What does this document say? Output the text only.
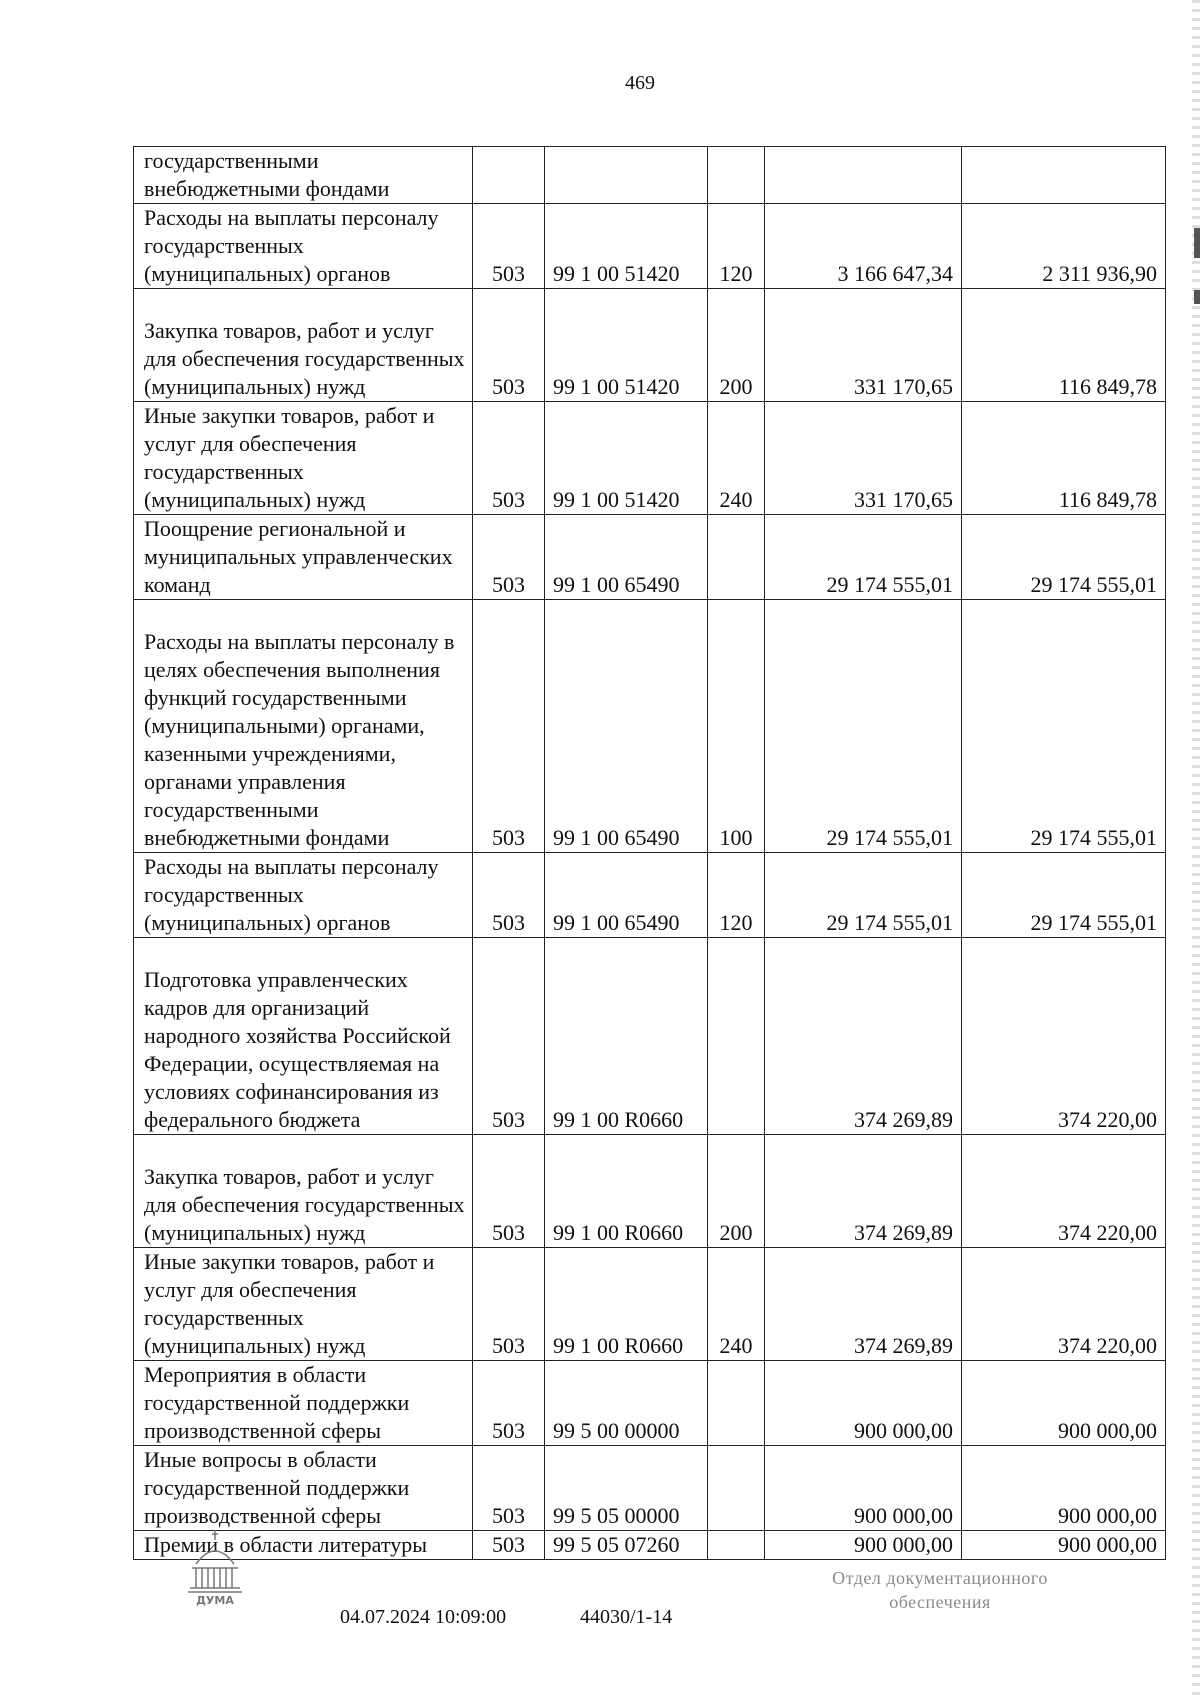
469
государственными внебюджетными фондами					
Расходы на выплаты персоналу государственных (муниципальных) органов	503	99 1 00 51420	120	3 166 647,34	2 311 936,90
Закупка товаров, работ и услуг для обеспечения государственных (муниципальных) нужд	503	99 1 00 51420	200	331 170,65	116 849,78
Иные закупки товаров, работ и услуг для обеспечения государственных (муниципальных) нужд	503	99 1 00 51420	240	331 170,65	116 849,78
Поощрение региональной и муниципальных управленческих команд	503	99 1 00 65490		29 174 555,01	29 174 555,01
Расходы на выплаты персоналу в целях обеспечения выполнения функций государственными (муниципальными) органами, казенными учреждениями, органами управления государственными внебюджетными фондами	503	99 1 00 65490	100	29 174 555,01	29 174 555,01
Расходы на выплаты персоналу государственных (муниципальных) органов	503	99 1 00 65490	120	29 174 555,01	29 174 555,01
Подготовка управленческих кадров для организаций народного хозяйства Российской Федерации, осуществляемая на условиях софинансирования из федерального бюджета	503	99 1 00 R0660		374 269,89	374 220,00
Закупка товаров, работ и услуг для обеспечения государственных (муниципальных) нужд	503	99 1 00 R0660	200	374 269,89	374 220,00
Иные закупки товаров, работ и услуг для обеспечения государственных (муниципальных) нужд	503	99 1 00 R0660	240	374 269,89	374 220,00
Мероприятия в области государственной поддержки производственной сферы	503	99 5 00 00000		900 000,00	900 000,00
Иные вопросы в области государственной поддержки производственной сферы	503	99 5 05 00000		900 000,00	900 000,00
Премии в области литературы	503	99 5 05 07260		900 000,00	900 000,00
ДУМА
04.07.2024 10:09:00	44030/1-14
Отдел документационного
обеспечения
